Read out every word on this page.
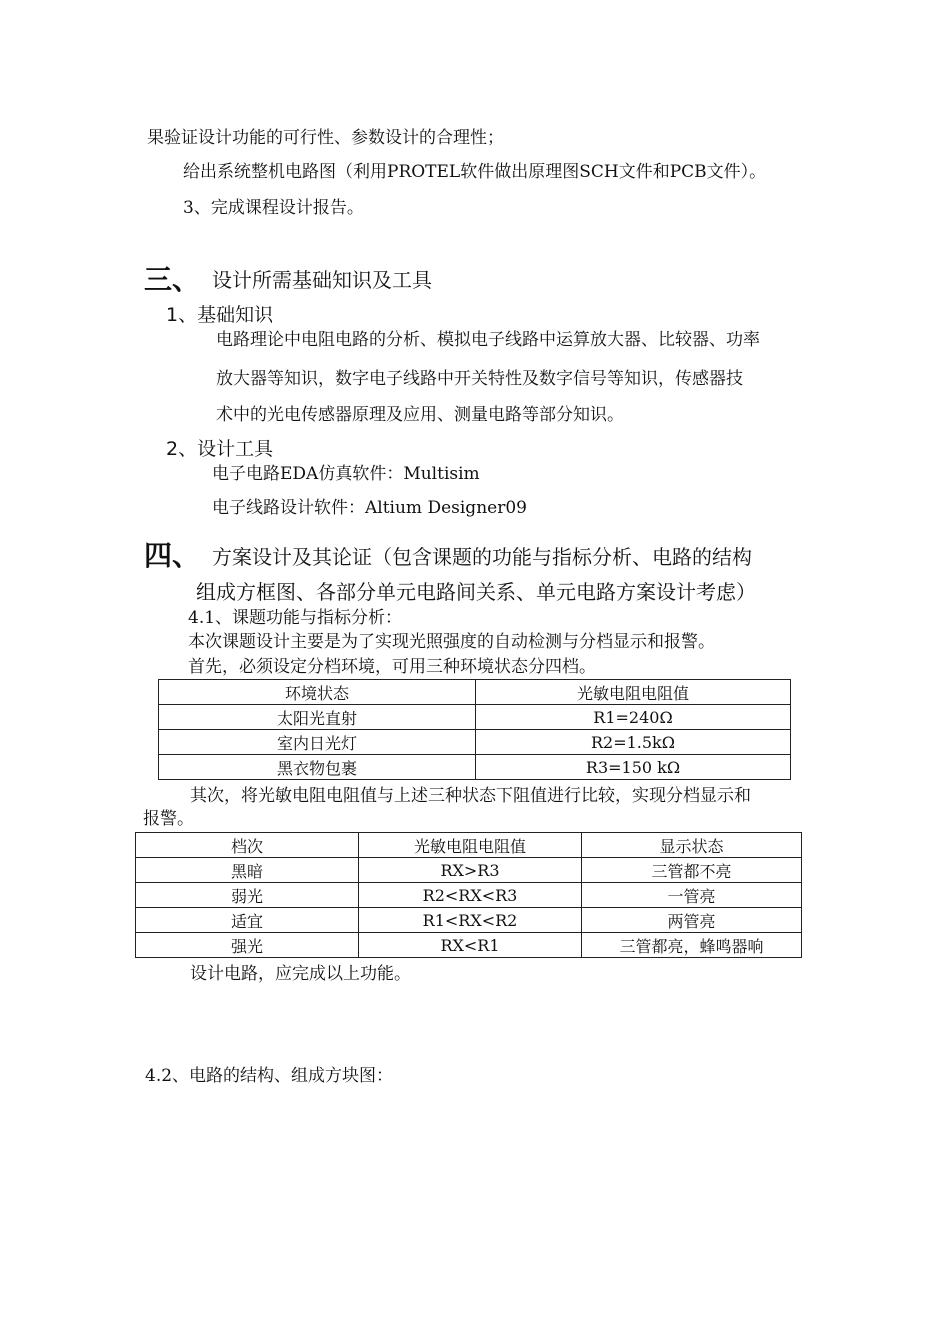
果验证设计功能的可行性、参数设计的合理性；
给出系统整机电路图（利用PROTEL软件做出原理图SCH文件和PCB文件）。
3、完成课程设计报告。
三、 设计所需基础知识及工具
1、基础知识
电路理论中电阻电路的分析、模拟电子线路中运算放大器、比较器、功率
放大器等知识，数字电子线路中开关特性及数字信号等知识，传感器技
术中的光电传感器原理及应用、测量电路等部分知识。
2、设计工具
电子电路EDA仿真软件：Multisim
电子线路设计软件：Altium Designer09
四、 方案设计及其论证（包含课题的功能与指标分析、电路的结构
组成方框图、各部分单元电路间关系、单元电路方案设计考虑）
4.1、课题功能与指标分析：
本次课题设计主要是为了实现光照强度的自动检测与分档显示和报警。
首先，必须设定分档环境，可用三种环境状态分四档。
环境状态	光敏电阻电阻值
太阳光直射	R1=240Ω
室内日光灯	R2=1.5kΩ
黑衣物包裹	R3=150 kΩ
其次，将光敏电阻电阻值与上述三种状态下阻值进行比较，实现分档显示和
报警。
档次	光敏电阻电阻值	显示状态
黑暗	RX>R3	三管都不亮
弱光	R2<RX<R3	一管亮
适宜	R1<RX<R2	两管亮
强光	RX<R1	三管都亮，蜂鸣器响
设计电路，应完成以上功能。
4.2、电路的结构、组成方块图：
